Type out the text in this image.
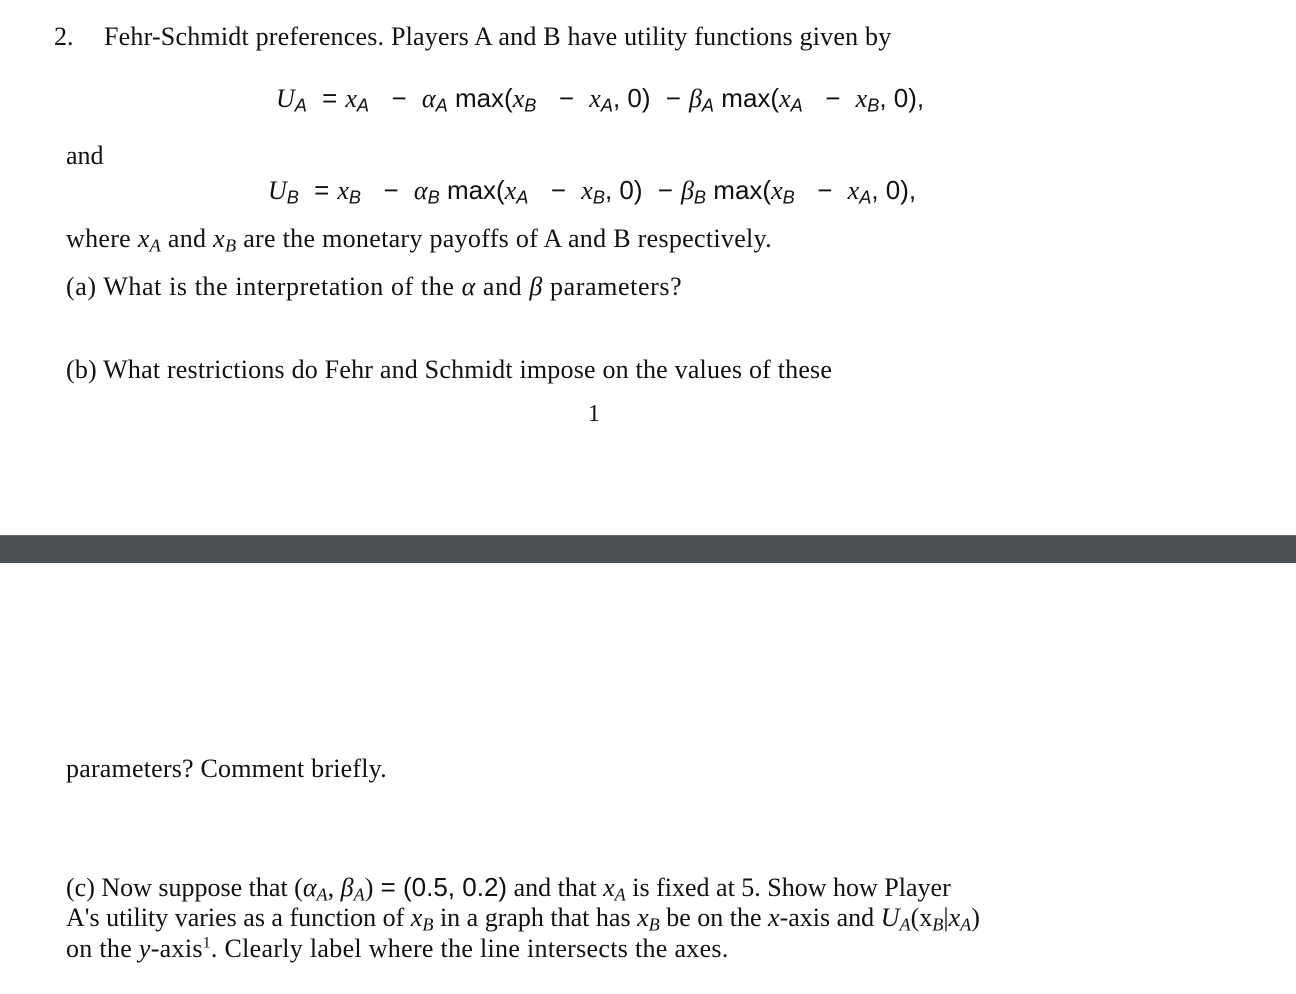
2. Fehr-Schmidt preferences. Players A and B have utility functions given by
$U_A = x_A - \alpha_A$ $\max(x_B - x_A$, $0) - \beta_A$ $\max(x_A - x_B$, 0),
and
$U_B = x_B - \alpha_B$ $\max(x_A - x_B$, $0) - \beta_B$ $\max(x_B - x_A$, 0),
where $x_A$ and $x_B$ are the monetary payoffs of A and B respectively.
(a) What is the interpretation of the α and β parameters?
(b) What restrictions do Fehr and Schmidt impose on the values of these
1
parameters? Comment briefly.
(c) Now suppose that ($\alpha_A$, $\beta_A) = (0.5$, 0.2) and that $x_A$ is fixed at 5. Show how Player
A's utility varies as a function of $x_B$ in a graph that has $x_B$ be on the x-axis and $U_A(x_B|x_A)$
on the y-axis$^1$. Clearly label where the line intersects the axes.
